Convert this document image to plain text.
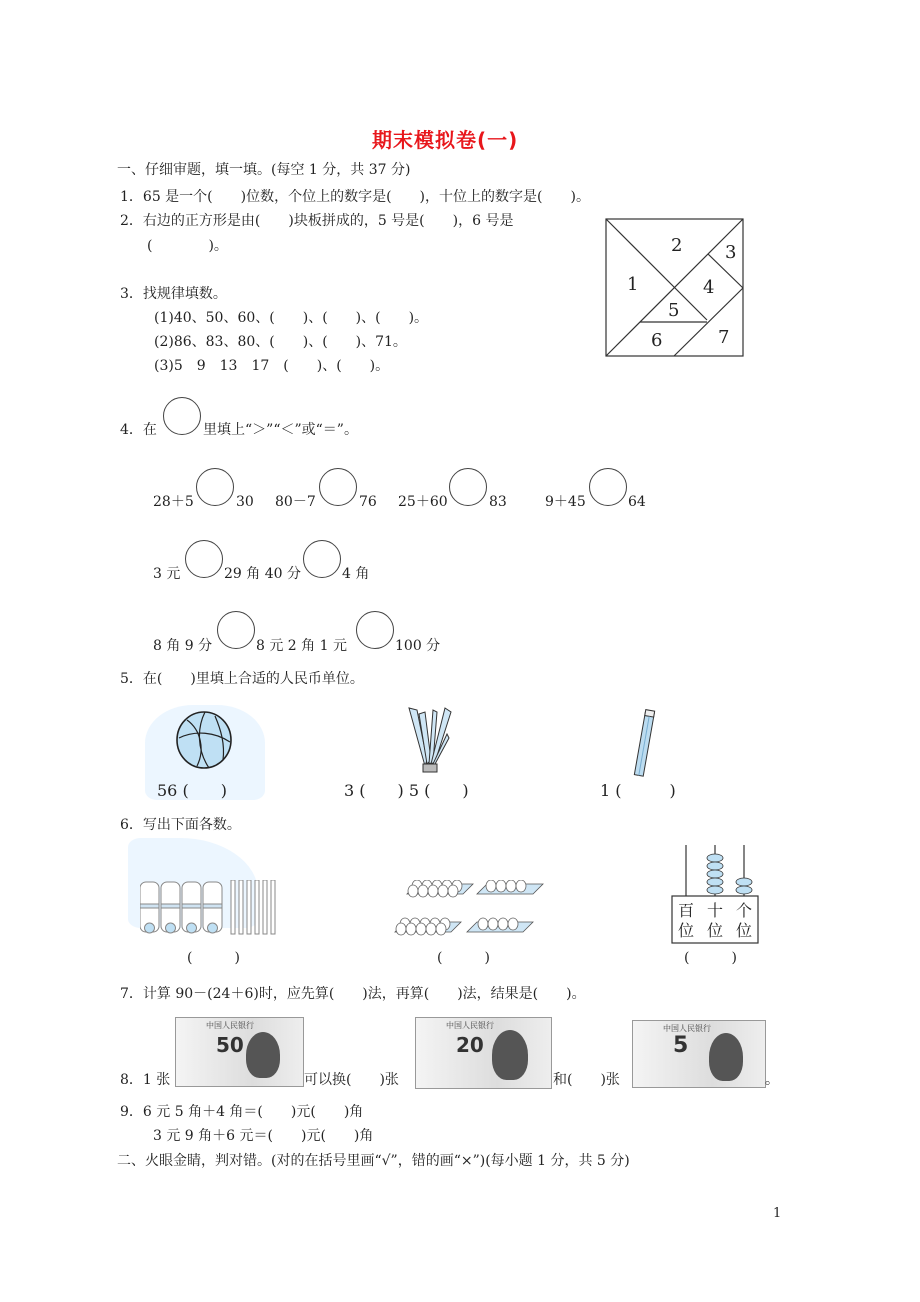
期末模拟卷(一)
一、仔细审题，填一填。(每空 1 分，共 37 分)
1．65 是一个(　　)位数，个位上的数字是(　　)，十位上的数字是(　　)。
2．右边的正方形是由(　　)块板拼成的，5 号是(　　)，6 号是
(　　　　)。
1
2 3
4
5
6	7
3．找规律填数。
(1)40、50、60、(　　)、(　　)、(　　)。
(2)86、83、80、(　　)、(　　)、71。
(3)5　9　13　17　(　　)、(　　)。
4．在	里填上“＞”“＜”或“＝”。
28＋5	30 80－7	76 25＋60	83	9＋45	64
3 元	29 角 40 分	4 角
8 角 9 分	8 元 2 角 1 元	100 分
5．在(　　)里填上合适的人民币单位。
56 (　　)	3 (　　) 5 (　　)	1 (　　　)
6．写出下面各数。
(　　　)	(　　　)
百位
十位
个位
(　　　)
7．计算 90－(24＋6)时，应先算(　　)法，再算(　　)法，结果是(　　)。
8．1 张
50
中国人民银行
可以换(　　)张
20
中国人民银行
和(　　)张
5
中国人民银行
。
9．6 元 5 角＋4 角＝(　　)元(　　)角
3 元 9 角＋6 元＝(　　)元(　　)角
二、火眼金睛，判对错。(对的在括号里画“√”，错的画“×”)(每小题 1 分，共 5 分)
1
